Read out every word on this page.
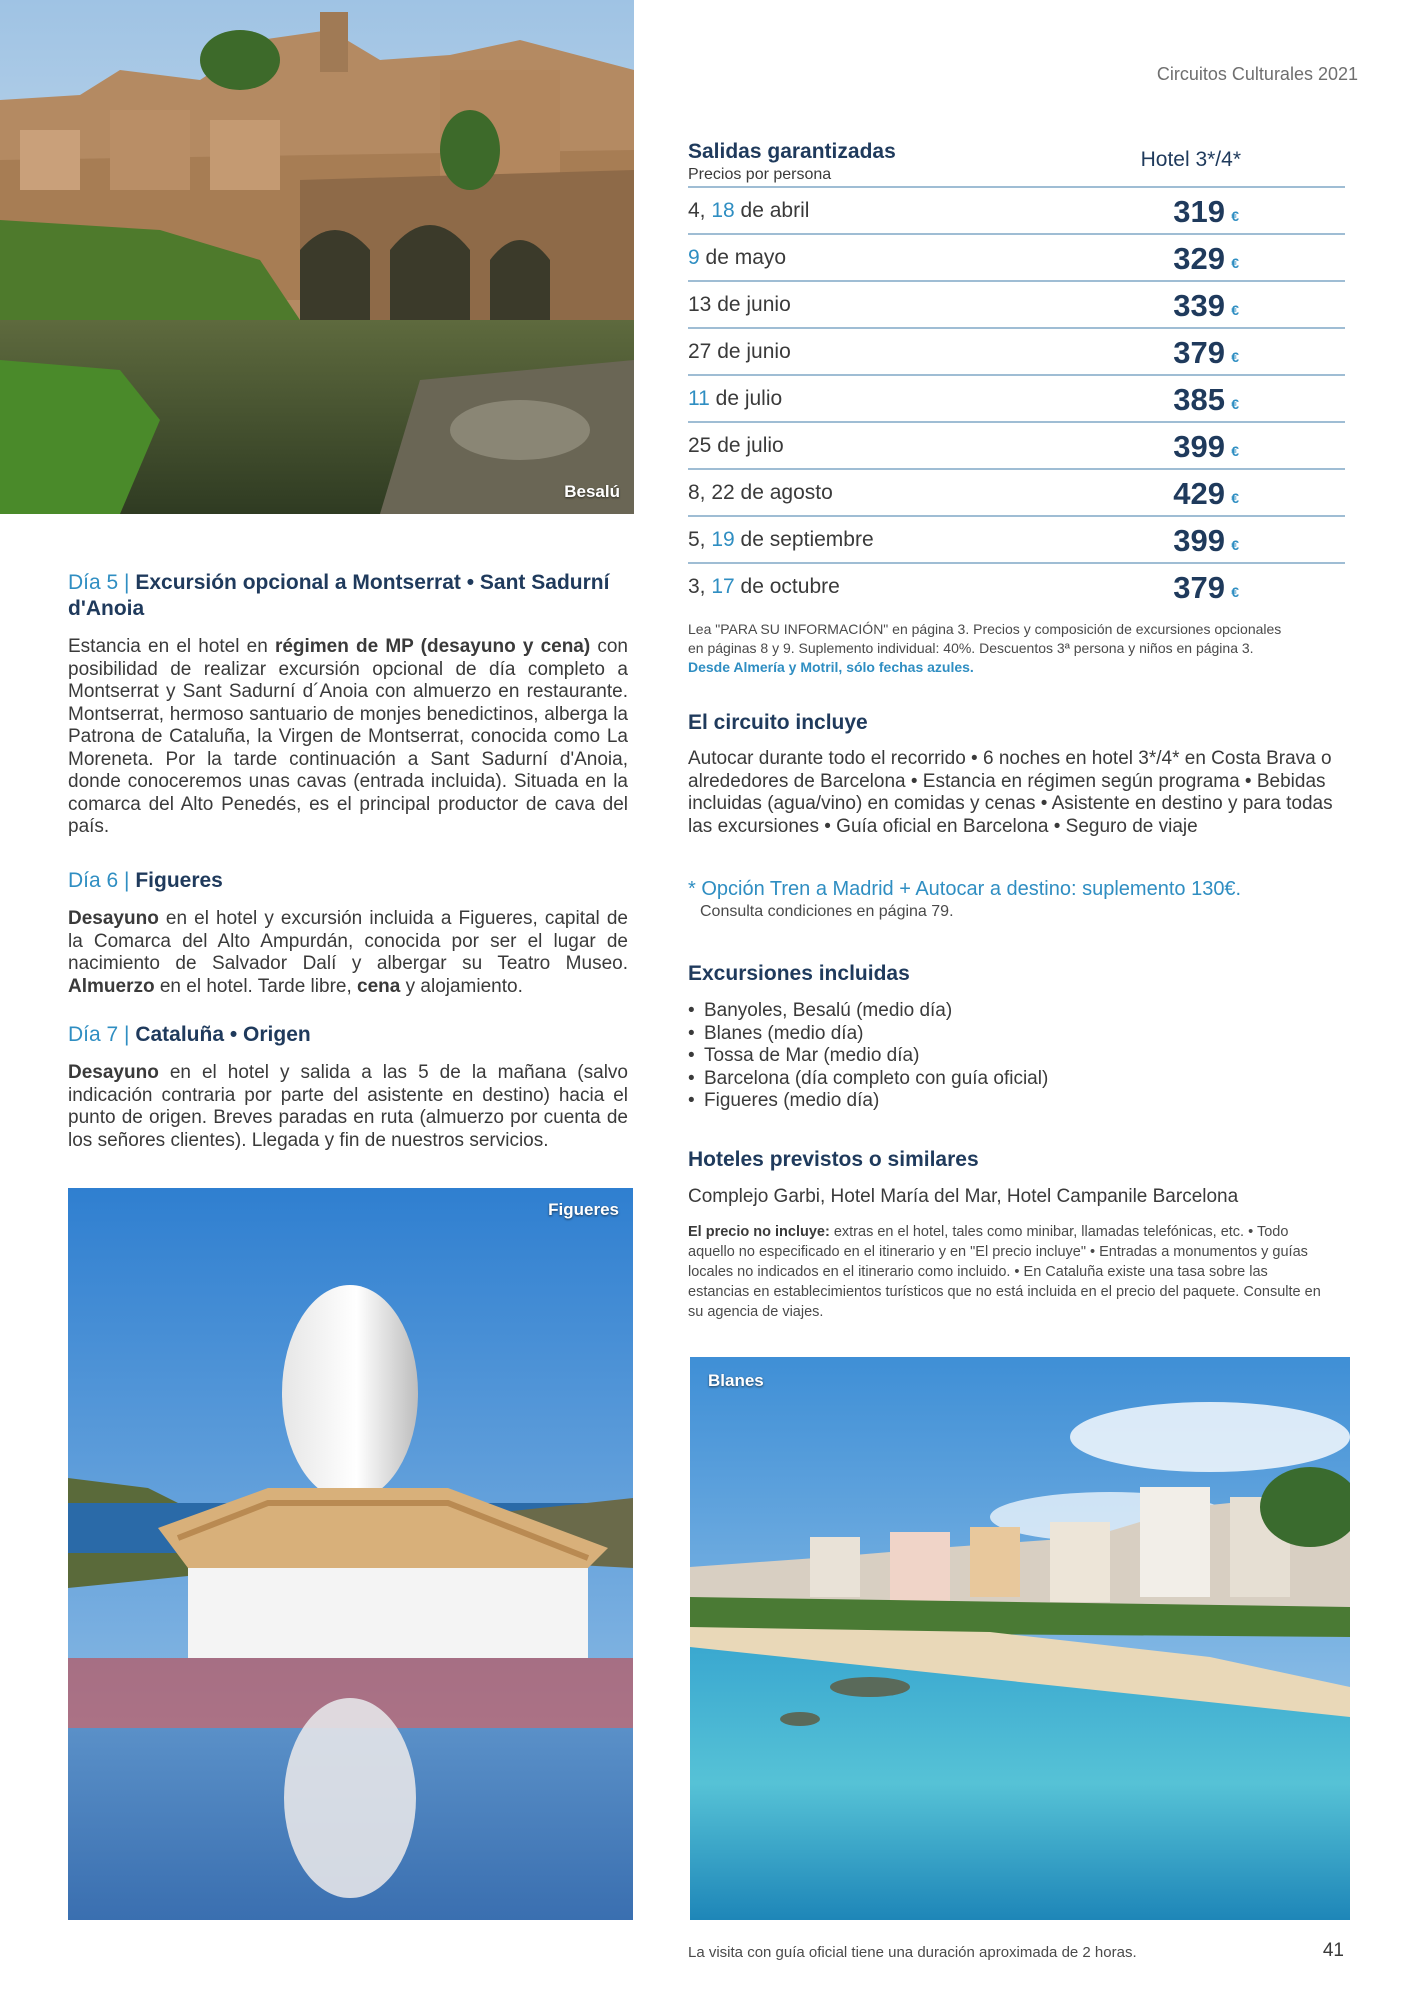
Circuitos Culturales 2021
Besalú
Salidas garantizadas
Precios por persona
Hotel 3*/4*
4, 18 de abril	319 €
9 de mayo	329 €
13 de junio	339 €
27 de junio	379 €
11 de julio	385 €
25 de julio	399 €
8, 22 de agosto	429 €
5, 19 de septiembre	399 €
3, 17 de octubre	379 €
Lea "PARA SU INFORMACIÓN" en página 3. Precios y composición de excursiones opcionales en páginas 8 y 9. Suplemento individual: 40%. Descuentos 3ª persona y niños en página 3. Desde Almería y Motril, sólo fechas azules.
El circuito incluye
Autocar durante todo el recorrido • 6 noches en hotel 3*/4* en Costa Brava o alrededores de Barcelona • Estancia en régimen según programa • Bebidas incluidas (agua/vino) en comidas y cenas • Asistente en destino y para todas las excursiones • Guía oficial en Barcelona • Seguro de viaje
* Opción Tren a Madrid + Autocar a destino: suplemento 130€.
Consulta condiciones en página 79.
Excursiones incluidas
• Banyoles, Besalú (medio día)
• Blanes (medio día)
• Tossa de Mar (medio día)
• Barcelona (día completo con guía oficial)
• Figueres (medio día)
Hoteles previstos o similares
Complejo Garbi, Hotel María del Mar, Hotel Campanile Barcelona
El precio no incluye: extras en el hotel, tales como minibar, llamadas telefónicas, etc. • Todo aquello no especificado en el itinerario y en "El precio incluye" • Entradas a monumentos y guías locales no indicados en el itinerario como incluido. • En Cataluña existe una tasa sobre las estancias en establecimientos turísticos que no está incluida en el precio del paquete. Consulte en su agencia de viajes.
Blanes
Día 5 | Excursión opcional a Montserrat • Sant Sadurní d'Anoia
Estancia en el hotel en régimen de MP (desayuno y cena) con posibilidad de realizar excursión opcional de día completo a Montserrat y Sant Sadurní d´Anoia con almuerzo en restaurante. Montserrat, hermoso santuario de monjes benedictinos, alberga la Patrona de Cataluña, la Virgen de Montserrat, conocida como La Moreneta. Por la tarde continuación a Sant Sadurní d'Anoia, donde conoceremos unas cavas (entrada incluida). Situada en la comarca del Alto Penedés, es el principal productor de cava del país.
Día 6 | Figueres
Desayuno en el hotel y excursión incluida a Figueres, capital de la Comarca del Alto Ampurdán, conocida por ser el lugar de nacimiento de Salvador Dalí y albergar su Teatro Museo. Almuerzo en el hotel. Tarde libre, cena y alojamiento.
Día 7 | Cataluña • Origen
Desayuno en el hotel y salida a las 5 de la mañana (salvo indicación contraria por parte del asistente en destino) hacia el punto de origen. Breves paradas en ruta (almuerzo por cuenta de los señores clientes). Llegada y fin de nuestros servicios.
Figueres
La visita con guía oficial tiene una duración aproximada de 2 horas.	41
